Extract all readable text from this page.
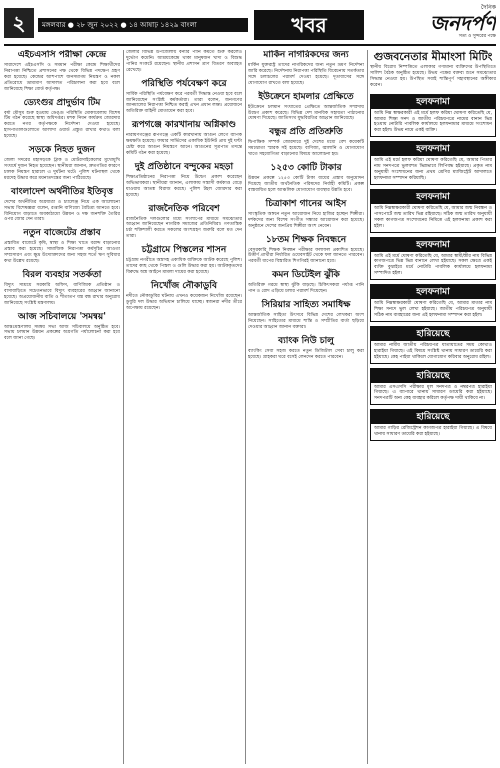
২	মঙ্গলবার ● ২৮ জুন ২০২২ ● ১৪ আষাঢ় ১৪২৯ বাংলা	খবর
দৈনিক
জনদর্পণ
সত্য ও সুন্দরের পক্ষে
এইচএসসি পরীক্ষা কেন্দ্রে
সারাদেশে এইচএসসি ও সমমান পরীক্ষা কেন্দ্রে শিক্ষার্থীদের নিরাপত্তা নিশ্চিতে প্রশাসনের পক্ষ থেকে বিভিন্ন পদক্ষেপ গ্রহণ করা হয়েছে। কেন্দ্রের আশপাশে জনসমাগম নিয়ন্ত্রণ ও নকল প্রতিরোধে ভ্রাম্যমাণ আদালত পরিচালনা করা হবে বলে জানিয়েছে শিক্ষা বোর্ড কর্তৃপক্ষ।
ড্যেংগুর প্রাদুর্ভাব টিম
বর্ষা মৌসুম শুরু হওয়ায় ডেঙ্গু পরিস্থিতি মোকাবেলায় বিশেষ টিম গঠন করেছে স্বাস্থ্য অধিদপ্তর। মশক নিধন কার্যক্রম জোরদার করতে নগর কর্তৃপক্ষকে নির্দেশনা দেওয়া হয়েছে। হাসপাতালগুলোতে আলাদা ওয়ার্ড প্রস্তুত রাখার কথাও বলা হয়েছে।
সড়কে নিহত দুজন
জেলা সদরের মহাসড়কে ট্রাক ও মোটরসাইকেলের মুখোমুখি সংঘর্ষে দুজন নিহত হয়েছেন। স্থানীয়রা জানান, দ্রুতগতির কারণে চালক নিয়ন্ত্রণ হারালে এ দুর্ঘটনা ঘটে। পুলিশ ঘটনাস্থল থেকে মরদেহ উদ্ধার করে ময়নাতদন্তের জন্য পাঠিয়েছে।
বাংলাদেশ অর্থনীতির ইতিবৃত্ত
দেশের অর্থনীতির অগ্রযাত্রা ও চ্যালেঞ্জ নিয়ে এক আলোচনা সভায় বিশেষজ্ঞরা বলেন, রপ্তানি বাণিজ্যে বৈচিত্র্য আনতে হবে। বিনিয়োগ বাড়াতে অবকাঠামো উন্নয়ন ও দক্ষ জনশক্তি তৈরির ওপর জোর দেন তারা।
নতুন বাজেটের প্রস্তাব
প্রস্তাবিত বাজেটে কৃষি, স্বাস্থ্য ও শিক্ষা খাতে বরাদ্দ বাড়ানোর প্রস্তাব করা হয়েছে। সামাজিক নিরাপত্তা কর্মসূচির আওতা সম্প্রসারণ এবং ক্ষুদ্র উদ্যোক্তাদের জন্য সহজ শর্তে ঋণ সুবিধার কথা উল্লেখ রয়েছে।
বিরল ব্যবহার সতর্কতা
বিদ্যুৎ সাশ্রয়ে সরকারি অফিস, বাণিজ্যিক প্রতিষ্ঠান ও বাসাবাড়িতে সচেতনভাবে বিদ্যুৎ ব্যবহারের আহ্বান জানানো হয়েছে। অপ্রয়োজনীয় বাতি ও শীতাতপ যন্ত্র বন্ধ রাখার অনুরোধ জানিয়েছে সংশ্লিষ্ট মন্ত্রণালয়।
আজ সচিবালয়ে 'সমন্বয়'
আন্তঃমন্ত্রণালয় সমন্বয় সভা আজ সচিবালয়ে অনুষ্ঠিত হবে। সভায় চলমান উন্নয়ন প্রকল্পের অগ্রগতি পর্যালোচনা করা হবে বলে জানা গেছে।
জেলার বিভিন্ন উপজেলায় বন্যার পানি কমতে শুরু করলেও দুর্ভোগ কমেনি। আশ্রয়কেন্দ্রে থাকা মানুষজন খাদ্য ও বিশুদ্ধ পানির সংকটে রয়েছেন। স্থানীয় প্রশাসন ত্রাণ বিতরণ অব্যাহত রেখেছে।
পরিস্থিতি পর্যবেক্ষণ করে
সার্বিক পরিস্থিতি পর্যবেক্ষণ করে পরবর্তী সিদ্ধান্ত নেওয়া হবে বলে জানিয়েছেন সংশ্লিষ্ট কর্মকর্তারা। তারা বলেন, জনগণের জানমালের নিরাপত্তা নিশ্চিত করাই এখন প্রধান লক্ষ্য। প্রয়োজনে অতিরিক্ত বাহিনী মোতায়েন করা হবে।
রূপগঞ্জে কারখানায় অগ্নিকাণ্ড
নারায়ণগঞ্জের রূপগঞ্জে একটি কারখানায় আগুন লেগে ব্যাপক ক্ষয়ক্ষতি হয়েছে। ফায়ার সার্ভিসের একাধিক ইউনিট প্রায় দুই ঘণ্টা চেষ্টা করে আগুন নিয়ন্ত্রণে আনে। আগুনের সূত্রপাত তদন্তে কমিটি গঠন করা হয়েছে।
দুই প্রতিষ্ঠানে বন্দুকের মহড়া
শিক্ষাপ্রতিষ্ঠানের নিরাপত্তা নিয়ে উদ্বেগ প্রকাশ করেছেন অভিভাবকরা। স্থানীয়রা জানান, এলাকায় সন্ত্রাসী কর্মকাণ্ড বেড়ে যাওয়ায় আতঙ্ক বিরাজ করছে। পুলিশ টহল জোরদার করা হয়েছে।
রাজনৈতিক পরিবেশ
রাজনৈতিক দলগুলোর মধ্যে সংলাপের মাধ্যমে সমঝোতার আহ্বান জানিয়েছেন নাগরিক সমাজের প্রতিনিধিরা। গণতান্ত্রিক চর্চা শক্তিশালী করতে সকলের অংশগ্রহণ জরুরি বলে মত দেন তারা।
চট্টগ্রামে পিস্তলের শাসন
চট্টগ্রাম নগরীতে অস্ত্রসহ একাধিক ব্যক্তিকে আটক করেছে পুলিশ। তাদের কাছ থেকে পিস্তল ও গুলি উদ্ধার করা হয়। আটককৃতদের বিরুদ্ধে অস্ত্র আইনে মামলা দায়ের করা হয়েছে।
নিখোঁজ নৌকাডুবি
নদীতে নৌকাডুবির ঘটনায় এখনও কয়েকজন নিখোঁজ রয়েছেন। ডুবুরি দল উদ্ধার অভিযান চালিয়ে যাচ্ছে। স্বজনরা নদীর তীরে অপেক্ষায় রয়েছেন।
মার্কিন নাগরিকদের জন্য
মার্কিন যুক্তরাষ্ট্র তাদের নাগরিকদের জন্য নতুন ভ্রমণ নির্দেশনা জারি করেছে। নির্দেশনায় নিরাপত্তা পরিস্থিতি বিবেচনায় সতর্কতার সঙ্গে চলাচলের পরামর্শ দেওয়া হয়েছে। দূতাবাসের সঙ্গে যোগাযোগ রাখতে বলা হয়েছে।
ইউক্রেনে হামলার প্রেক্ষিতে
ইউক্রেনে চলমান সংঘাতের প্রেক্ষিতে আন্তর্জাতিক সম্প্রদায় উদ্বেগ প্রকাশ করেছে। বিভিন্ন দেশ মানবিক সহায়তা পাঠানোর ঘোষণা দিয়েছে। জাতিসংঘ যুদ্ধবিরতির আহ্বান জানিয়েছে।
বন্ধুর প্রতি প্রতিশ্রুতি
দ্বিপাক্ষিক সম্পর্ক জোরদারে দুই দেশের মধ্যে বেশ কয়েকটি সমঝোতা স্মারক সই হয়েছে। বাণিজ্য, জ্বালানি ও যোগাযোগ খাতে সহযোগিতা বাড়ানোর বিষয়ে আলোচনা হয়।
১২৫৩ কোটি টাকার
উন্নয়ন প্রকল্পে ১২৫৩ কোটি টাকা ব্যয়ের প্রস্তাব অনুমোদন দিয়েছে জাতীয় অর্থনৈতিক পরিষদের নির্বাহী কমিটি। প্রকল্প বাস্তবায়িত হলে আঞ্চলিক যোগাযোগ ব্যবস্থার উন্নতি হবে।
চিত্রাকাশ গানের আইস
সাংস্কৃতিক অঙ্গনে নতুন আয়োজন নিয়ে হাজির হচ্ছেন শিল্পীরা। দর্শকদের জন্য বিশেষ সংগীত সন্ধ্যার আয়োজন করা হয়েছে। অনুষ্ঠানে দেশের জনপ্রিয় শিল্পীরা অংশ নেবেন।
১৮তম শিক্ষক নিবন্ধনে
বেসরকারি শিক্ষক নিবন্ধন পরীক্ষার ফলাফল প্রকাশিত হয়েছে। উত্তীর্ণ প্রার্থীরা নির্ধারিত ওয়েবসাইট থেকে ফল জানতে পারবেন। পরবর্তী ধাপের বিস্তারিত শিগগিরই জানানো হবে।
কমন ডিটেইল ঝুঁকি
অতিরিক্ত গরমে স্বাস্থ্য ঝুঁকি বাড়ছে। চিকিৎসকরা পর্যাপ্ত পানি পান ও রোদ এড়িয়ে চলার পরামর্শ দিয়েছেন।
সিরিয়ার সাহিত্য সমাধিক্ষ
আন্তর্জাতিক সাহিত্য উৎসবে বিভিন্ন দেশের লেখকরা অংশ নিয়েছেন। সাহিত্যের মাধ্যমে শান্তি ও সম্প্রীতির বার্তা ছড়িয়ে দেওয়ার আহ্বান জানান বক্তারা।
ব্যাংক নিউ চালু
ব্যাংকিং সেবা সহজ করতে নতুন ডিজিটাল সেবা চালু করা হয়েছে। গ্রাহকরা ঘরে বসেই লেনদেন করতে পারবেন।
গুজবনেতার মীমাংসা মিটিং
স্থানীয় বিরোধ নিষ্পত্তিতে এলাকার গণ্যমান্য ব্যক্তিদের উপস্থিতিতে সালিশ বৈঠক অনুষ্ঠিত হয়েছে। উভয় পক্ষের বক্তব্য শুনে সমঝোতার সিদ্ধান্ত নেওয়া হয়। উপস্থিত সবাই শান্তিপূর্ণ সহাবস্থানের অঙ্গীকার করেন।
হলফনামা
আমি নিম্ন স্বাক্ষরকারী এই মর্মে হলফ করিয়া ঘোষণা করিতেছি যে, আমার শিক্ষা সনদ ও জাতীয় পরিচয়পত্রে নামের বানান ভিন্ন হওয়ায় নোটারি পাবলিক কার্যালয়ে হলফনামার মাধ্যমে সংশোধন করা হইল। উভয় নামে একই ব্যক্তি।
হলফনামা
আমি এই মর্মে হলফ করিয়া ঘোষণা করিতেছি যে, আমার পিতার নাম সনদপত্রে ভুলবশত ভিন্নভাবে লিপিবদ্ধ হইয়াছে। প্রকৃত নাম অনুযায়ী সংশোধনের জন্য প্রথম শ্রেণির ম্যাজিস্ট্রেট আদালতে হলফনামা সম্পাদন করিয়াছি।
হলফনামা
আমি নিম্নস্বাক্ষরকারী ঘোষণা করিতেছি যে, আমার জন্ম নিবন্ধন ও পাসপোর্টে জন্ম তারিখ ভিন্ন রহিয়াছে। সঠিক জন্ম তারিখ অনুযায়ী সকল কাগজপত্র সংশোধনের নিমিত্তে এই হলফনামা প্রকাশ করা হইল।
হলফনামা
আমি এই মর্মে ঘোষণা করিতেছি যে, আমার স্বামী/স্ত্রীর নাম বিভিন্ন কাগজপত্রে ভিন্ন ভিন্ন বানানে লেখা হইয়াছে। সকল ক্ষেত্রে একই ব্যক্তি বুঝাইবে মর্মে নোটারি পাবলিক কার্যালয়ে হলফনামা সম্পাদিত হইল।
হলফনামা
আমি নিম্নস্বাক্ষরকারী ঘোষণা করিতেছি যে, আমার মাতার নাম শিক্ষা সনদে ভুল লেখা হইয়াছে। জাতীয় পরিচয়পত্র অনুযায়ী সঠিক নাম ব্যবহারের জন্য এই হলফনামা সম্পাদন করা হইল।
হারিয়েছে
আমার নামীয় জাতীয় পরিচয়পত্র যাতায়াতের সময় কোথাও হারাইয়া গিয়াছে। এই বিষয়ে সংশ্লিষ্ট থানায় সাধারণ ডায়েরি করা হইয়াছে। কেহ পাইয়া থাকিলে যোগাযোগ করিবার অনুরোধ রহিল।
হারিয়েছে
আমার এসএসসি পরীক্ষার মূল সনদপত্র ও নম্বরপত্র হারাইয়া গিয়াছে। এ ব্যাপারে থানায় সাধারণ ডায়েরি করা হইয়াছে। সনদপত্রটি অন্য কেহ ব্যবহার করিলে কর্তৃপক্ষ দায়ী থাকিবে না।
হারিয়েছে
আমার গাড়ির রেজিস্ট্রেশন কাগজপত্র হারাইয়া গিয়াছে। এ বিষয়ে থানায় সাধারণ ডায়েরি করা হইয়াছে।
